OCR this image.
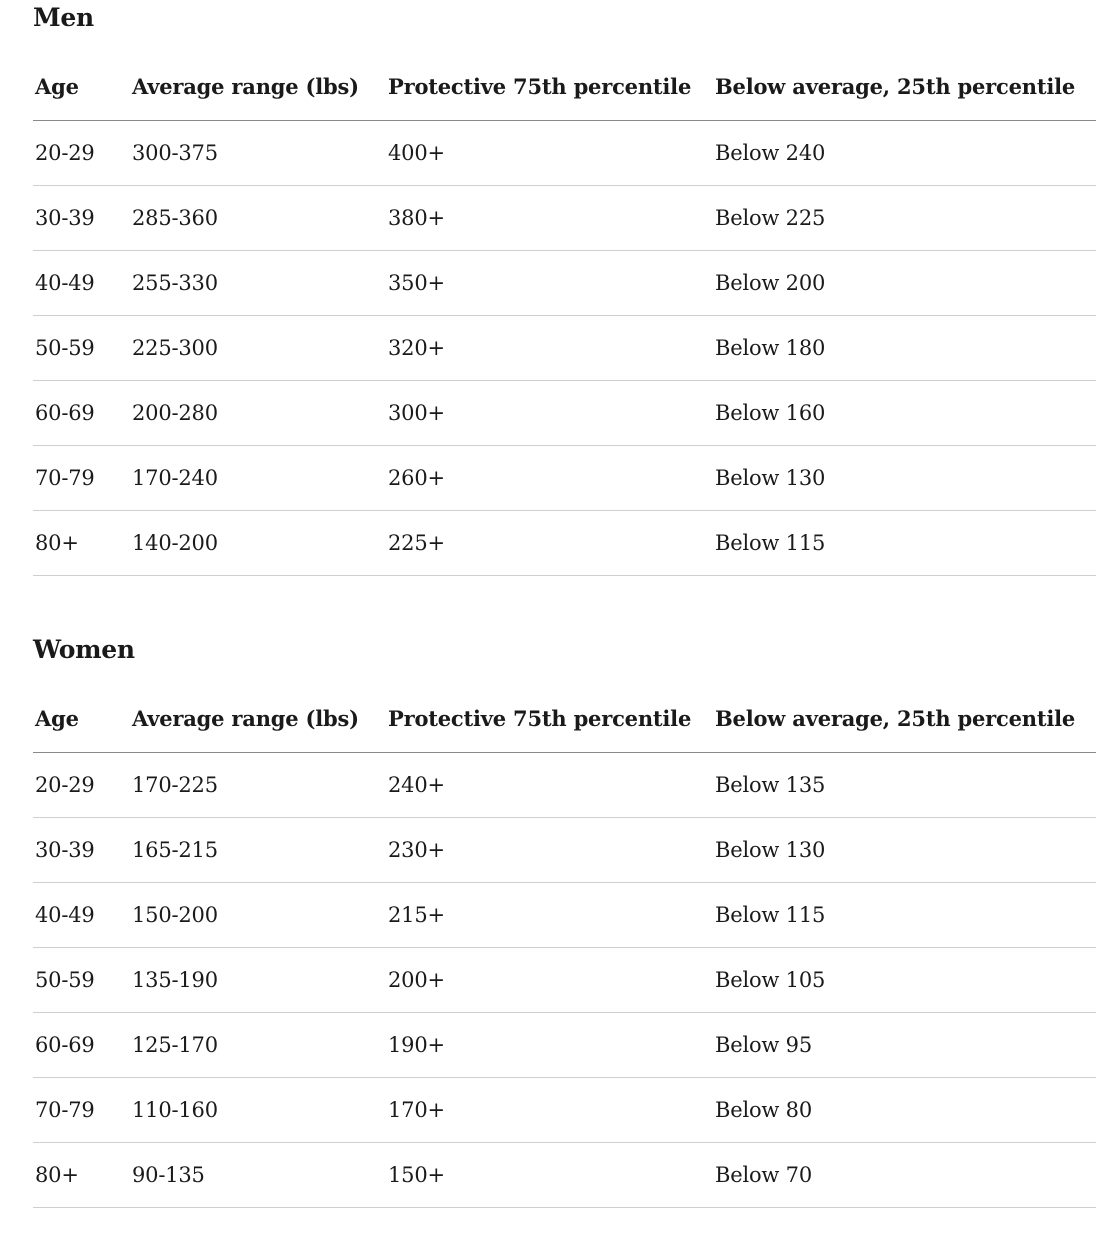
Men
Age	Average range (lbs)	Protective 75th percentile	Below average, 25th percentile
20-29	300-375	400+	Below 240
30-39	285-360	380+	Below 225
40-49	255-330	350+	Below 200
50-59	225-300	320+	Below 180
60-69	200-280	300+	Below 160
70-79	170-240	260+	Below 130
80+	140-200	225+	Below 115
Women
Age	Average range (lbs)	Protective 75th percentile	Below average, 25th percentile
20-29	170-225	240+	Below 135
30-39	165-215	230+	Below 130
40-49	150-200	215+	Below 115
50-59	135-190	200+	Below 105
60-69	125-170	190+	Below 95
70-79	110-160	170+	Below 80
80+	90-135	150+	Below 70
